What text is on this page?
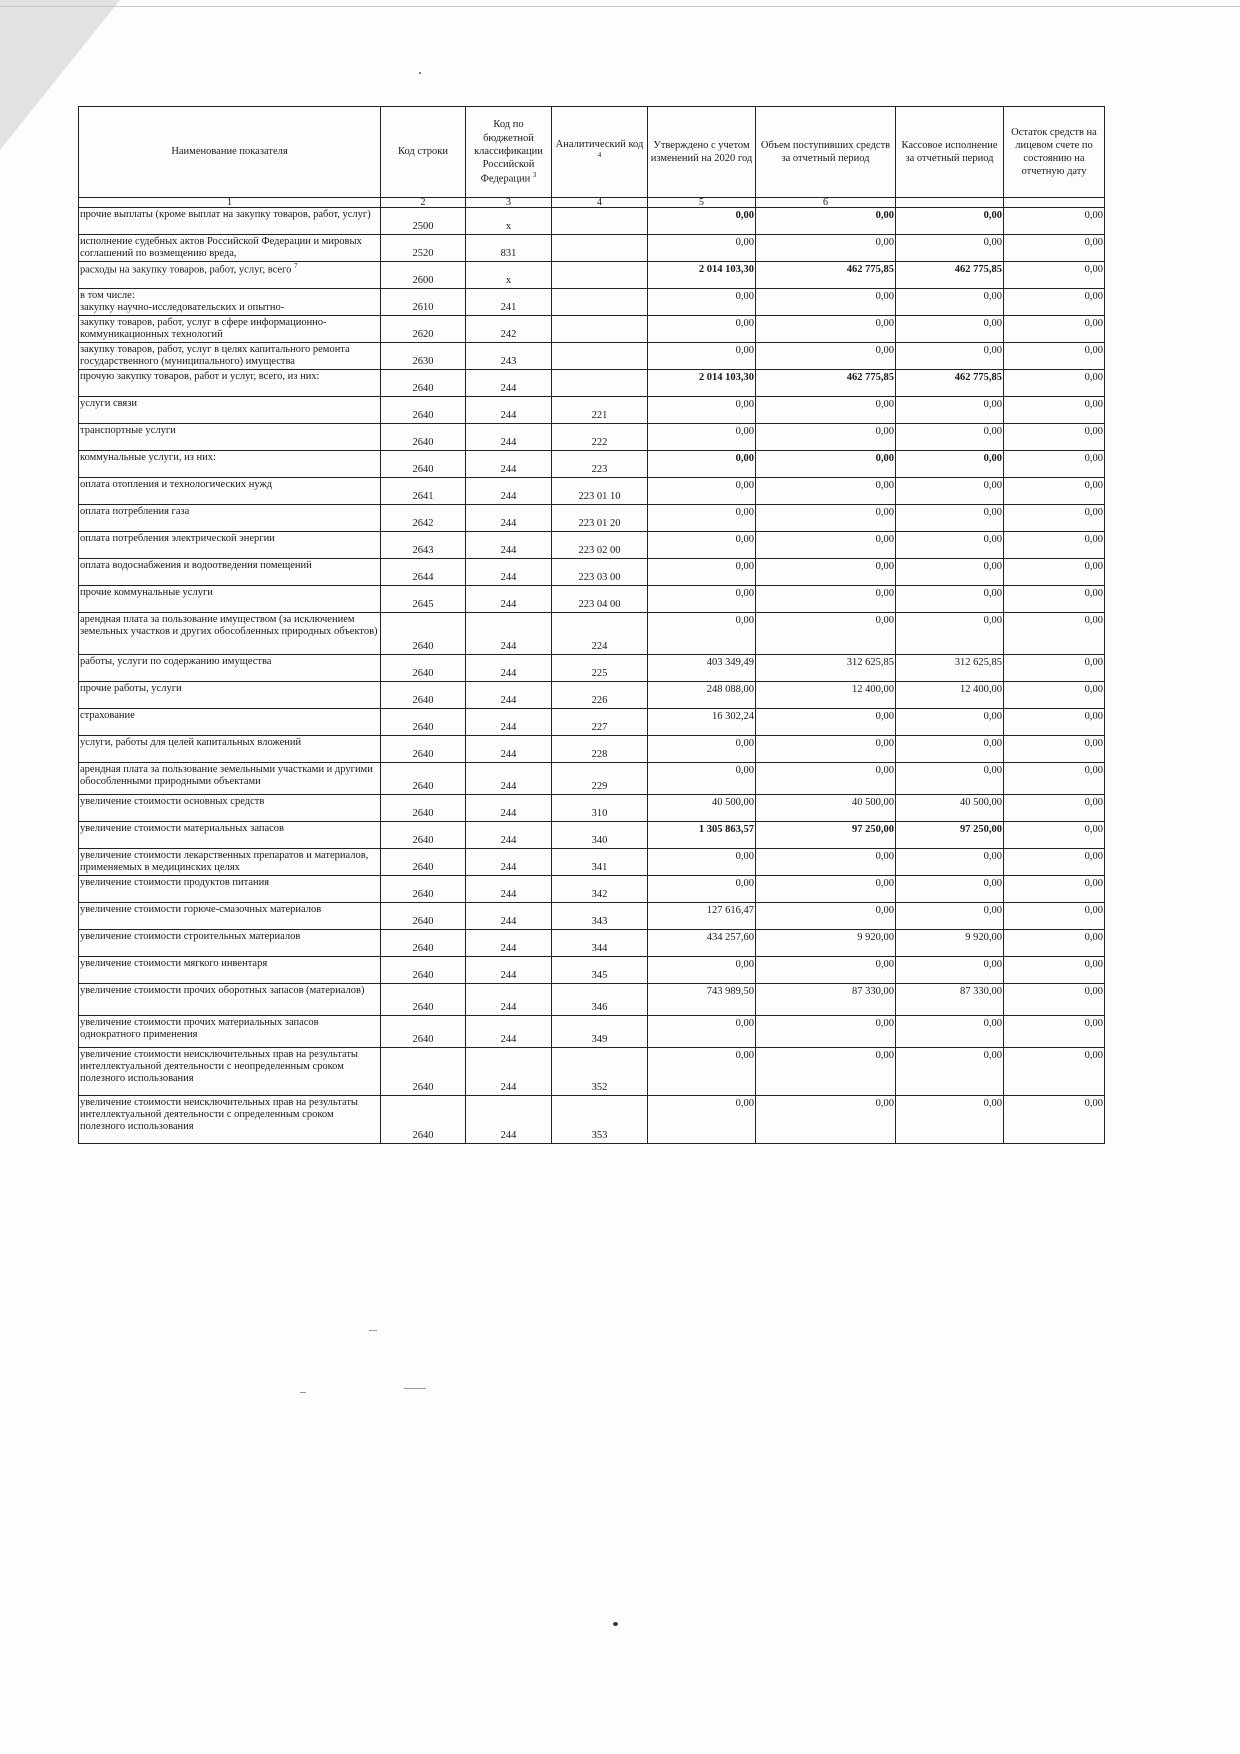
Наименование показателя	Код строки	Код по бюджетной классификации Российской Федерации $^3$	Аналитический код $^4$	Утверждено с учетом изменений на 2020 год	Объем поступивших средств за отчетный период	Кассовое исполнение за отчетный период	Остаток средств на лицевом счете по состоянию на отчетную дату
1	2	3	4	5	6		
прочие выплаты (кроме выплат на закупку товаров, работ, услуг)	2500	x		0,00	0,00	0,00	0,00
исполнение судебных актов Российской Федерации и мировых соглашений по возмещению вреда,	2520	831		0,00	0,00	0,00	0,00
расходы на закупку товаров, работ, услуг, всего $^7$	2600	x		2 014 103,30	462 775,85	462 775,85	0,00
в том числе:
закупку научно-исследовательских и опытно-	2610	241		0,00	0,00	0,00	0,00
закупку товаров, работ, услуг в сфере информационно-коммуникационных технологий	2620	242		0,00	0,00	0,00	0,00
закупку товаров, работ, услуг в целях капитального ремонта государственного (муниципального) имущества	2630	243		0,00	0,00	0,00	0,00
прочую закупку товаров, работ и услуг, всего, из них:	2640	244		2 014 103,30	462 775,85	462 775,85	0,00
услуги связи	2640	244	221	0,00	0,00	0,00	0,00
транспортные услуги	2640	244	222	0,00	0,00	0,00	0,00
коммунальные услуги, из них:	2640	244	223	0,00	0,00	0,00	0,00
оплата отопления и технологических нужд	2641	244	223 01 10	0,00	0,00	0,00	0,00
оплата потребления газа	2642	244	223 01 20	0,00	0,00	0,00	0,00
оплата потребления электрической энергии	2643	244	223 02 00	0,00	0,00	0,00	0,00
оплата водоснабжения и водоотведения помещений	2644	244	223 03 00	0,00	0,00	0,00	0,00
прочие коммунальные услуги	2645	244	223 04 00	0,00	0,00	0,00	0,00
арендная плата за пользование имуществом (за исключением земельных участков и других обособленных природных объектов)	2640	244	224	0,00	0,00	0,00	0,00
работы, услуги по содержанию имущества	2640	244	225	403 349,49	312 625,85	312 625,85	0,00
прочие работы, услуги	2640	244	226	248 088,00	12 400,00	12 400,00	0,00
страхование	2640	244	227	16 302,24	0,00	0,00	0,00
услуги, работы для целей капитальных вложений	2640	244	228	0,00	0,00	0,00	0,00
арендная плата за пользование земельными участками и другими обособленными природными объектами	2640	244	229	0,00	0,00	0,00	0,00
увеличение стоимости основных средств	2640	244	310	40 500,00	40 500,00	40 500,00	0,00
увеличение стоимости материальных запасов	2640	244	340	1 305 863,57	97 250,00	97 250,00	0,00
увеличение стоимости лекарственных препаратов и материалов, применяемых в медицинских целях	2640	244	341	0,00	0,00	0,00	0,00
увеличение стоимости продуктов питания	2640	244	342	0,00	0,00	0,00	0,00
увеличение стоимости горюче-смазочных материалов	2640	244	343	127 616,47	0,00	0,00	0,00
увеличение стоимости строительных материалов	2640	244	344	434 257,60	9 920,00	9 920,00	0,00
увеличение стоимости мягкого инвентаря	2640	244	345	0,00	0,00	0,00	0,00
увеличение стоимости прочих оборотных запасов (материалов)	2640	244	346	743 989,50	87 330,00	87 330,00	0,00
увеличение стоимости прочих материальных запасов однократного применения	2640	244	349	0,00	0,00	0,00	0,00
увеличение стоимости неисключительных прав на результаты интеллектуальной деятельности с неопределенным сроком полезного использования	2640	244	352	0,00	0,00	0,00	0,00
увеличение стоимости неисключительных прав на результаты интеллектуальной деятельности с определенным сроком полезного использования	2640	244	353	0,00	0,00	0,00	0,00
